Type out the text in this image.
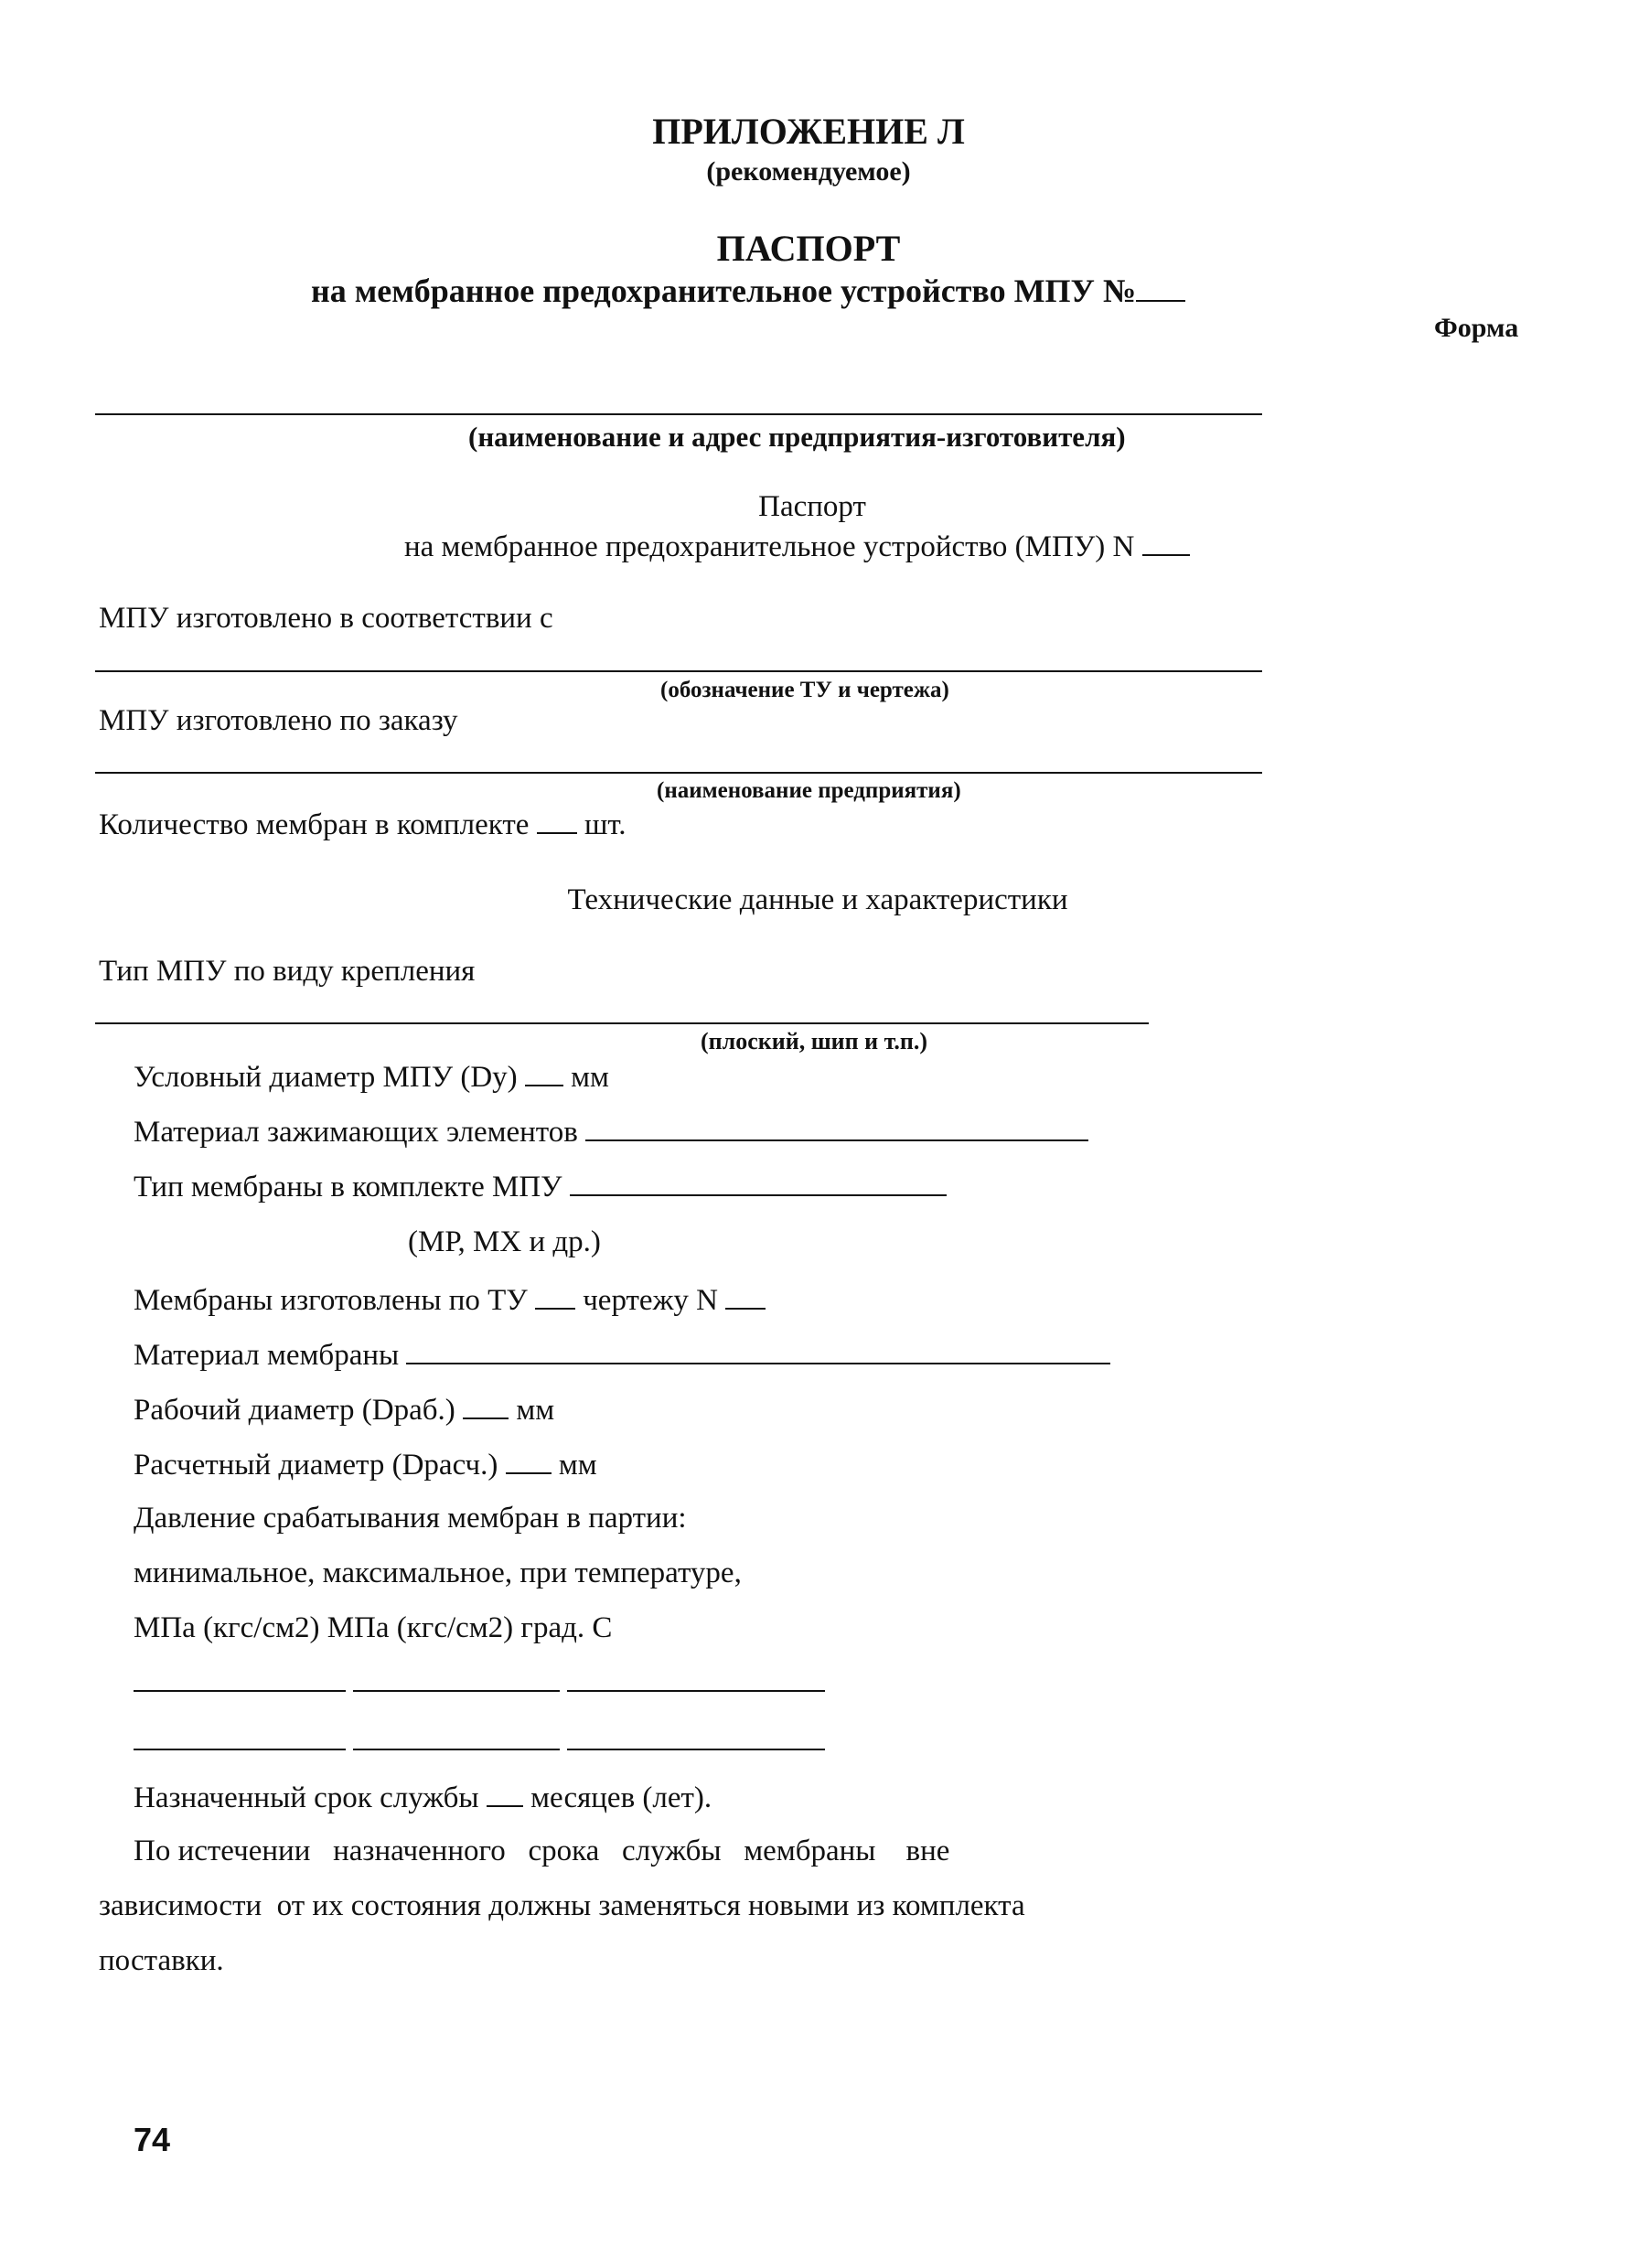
ПРИЛОЖЕНИЕ Л
(рекомендуемое)
ПАСПОРТ
на мембранное предохранительное устройство МПУ №
Форма
(наименование и адрес предприятия-изготовителя)
Паспорт
на мембранное предохранительное устройство (МПУ) N
МПУ изготовлено в соответствии с
(обозначение ТУ и чертежа)
МПУ изготовлено по заказу
(наименование предприятия)
Количество мембран в комплекте шт.
Технические данные и характеристики
Тип МПУ по виду крепления
(плоский, шип и т.п.)
Условный диаметр МПУ (Dy) мм
Материал зажимающих элементов
Тип мембраны в комплекте МПУ
(МР, МХ и др.)
Мембраны изготовлены по ТУ чертежу N
Материал мембраны
Рабочий диаметр (Dраб.) мм
Расчетный диаметр (Dрасч.) мм
Давление срабатывания мембран в партии:
минимальное, максимальное, при температуре,
МПа (кгс/см2) МПа (кгс/см2) град. С
Назначенный срок службы месяцев (лет).
По истечении   назначенного   срока   службы   мембраны    вне
зависимости  от их состояния должны заменяться новыми из комплекта
поставки.
74
